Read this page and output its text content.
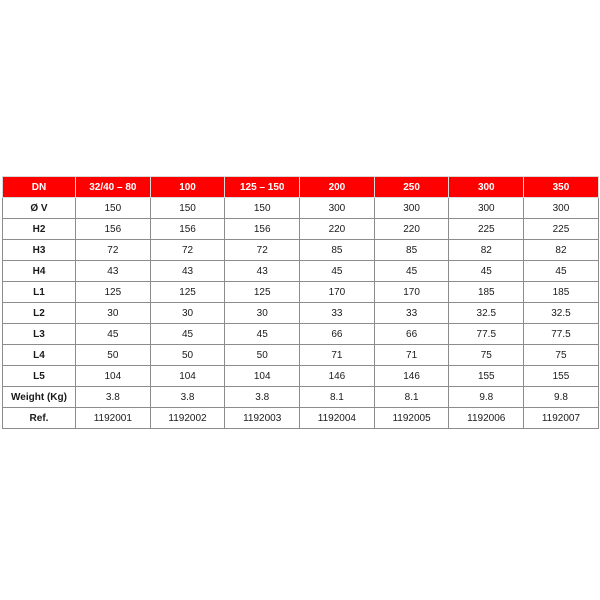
DN	32/40 – 80	100	125 – 150	200	250	300	350
Ø V	150	150	150	300	300	300	300
H2	156	156	156	220	220	225	225
H3	72	72	72	85	85	82	82
H4	43	43	43	45	45	45	45
L1	125	125	125	170	170	185	185
L2	30	30	30	33	33	32.5	32.5
L3	45	45	45	66	66	77.5	77.5
L4	50	50	50	71	71	75	75
L5	104	104	104	146	146	155	155
Weight (Kg)	3.8	3.8	3.8	8.1	8.1	9.8	9.8
Ref.	1192001	1192002	1192003	1192004	1192005	1192006	1192007
